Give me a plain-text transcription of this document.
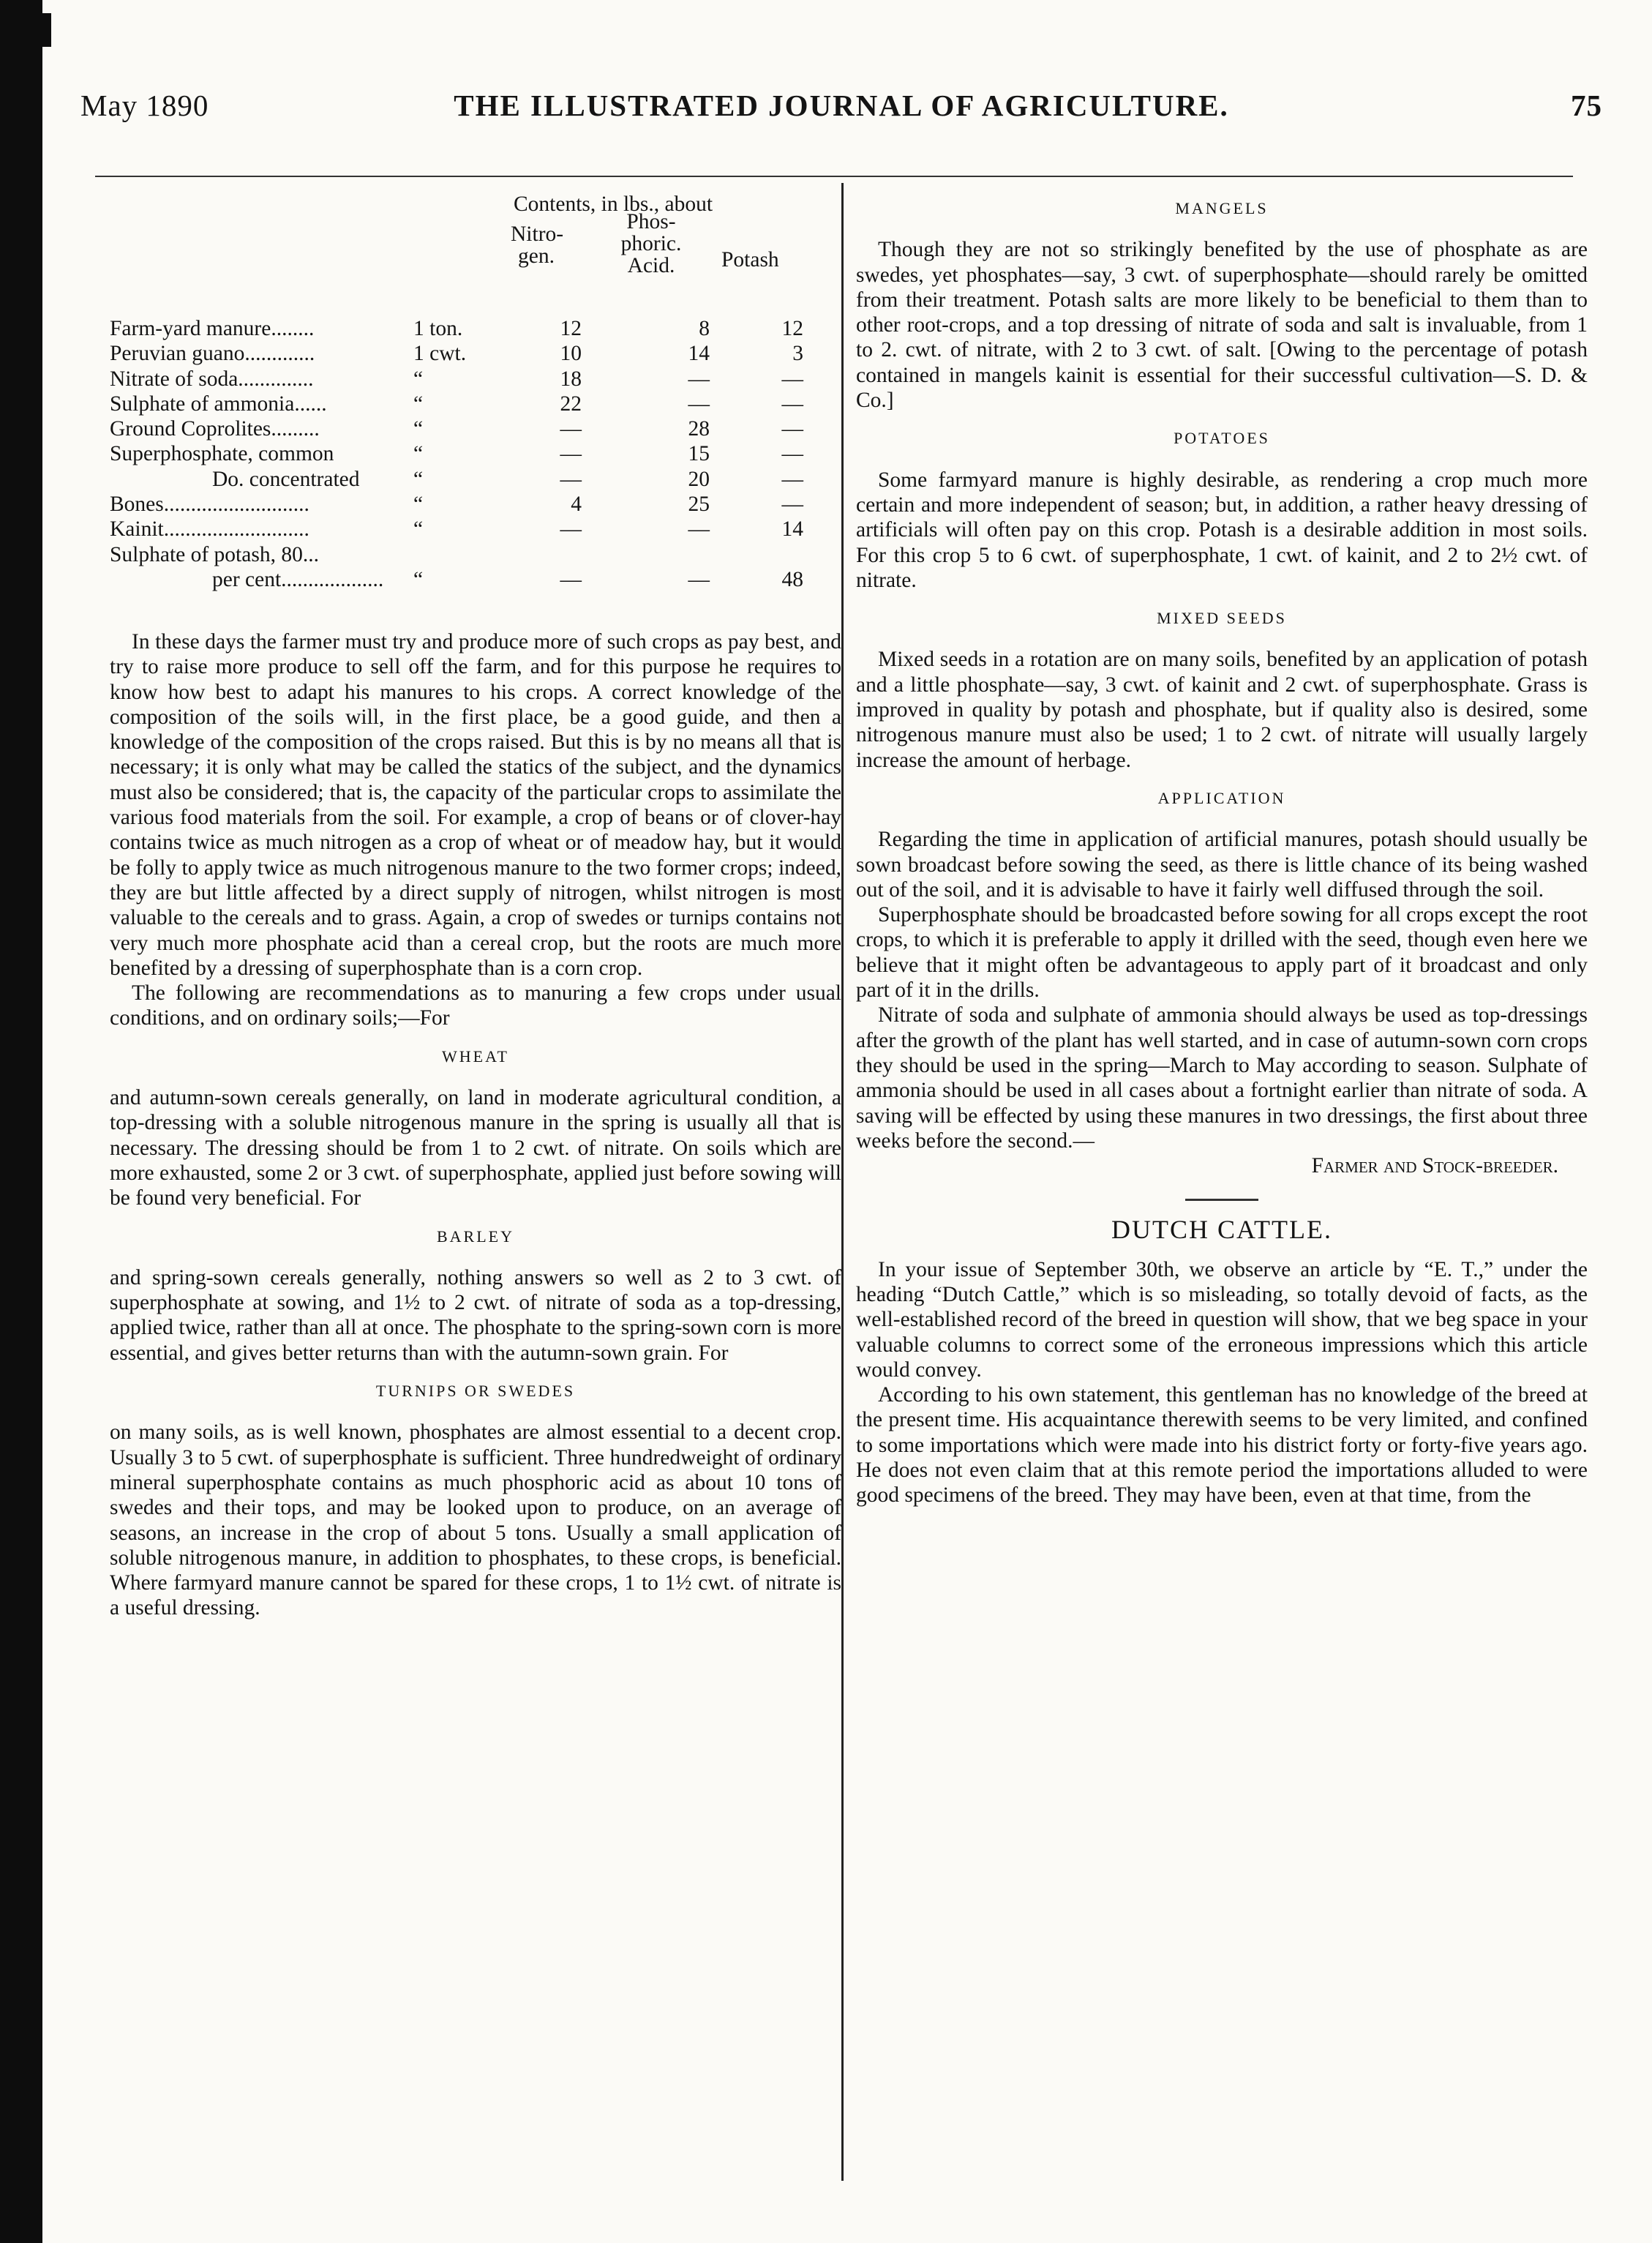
May 1890	THE ILLUSTRATED JOURNAL OF AGRICULTURE.	75
Contents, in lbs., about
Nitro-
gen.
Phos-
phoric.
Acid.	Potash
Farm-yard manure........	1 ton.	12	8	12
Peruvian guano.............	1 cwt.	10	14	3
Nitrate of soda..............	“	18	—	—
Sulphate of ammonia......	“	22	—	—
Ground Coprolites.........	“	—	28	—
Superphosphate, common	“	—	15	—
Do. concentrated “	—	20	—
Bones...........................	“	4	25	—
Kainit...........................	“	—	—	14
Sulphate of potash, 80...
per cent................... “	—	—	48

In these days the farmer must try and produce more of such crops as pay best, and try to raise more produce to sell off the farm, and for this purpose he requires to know how best to adapt his manures to his crops. A correct knowledge of the composition of the soils will, in the first place, be a good guide, and then a knowledge of the composition of the crops raised. But this is by no means all that is necessary; it is only what may be called the statics of the subject, and the dynamics must also be considered; that is, the capacity of the particular crops to assimilate the various food materials from the soil. For example, a crop of beans or of clover-hay contains twice as much nitrogen as a crop of wheat or of meadow hay, but it would be folly to apply twice as much nitrogenous manure to the two former crops; indeed, they are but little affected by a direct supply of nitrogen, whilst nitrogen is most valuable to the cereals and to grass. Again, a crop of swedes or turnips contains not very much more phosphate acid than a cereal crop, but the roots are much more benefited by a dressing of superphosphate than is a corn crop.

The following are recommendations as to manuring a few crops under usual conditions, and on ordinary soils;—For

WHEAT

and autumn-sown cereals generally, on land in moderate agricultural condition, a top-dressing with a soluble nitrogenous manure in the spring is usually all that is necessary. The dressing should be from 1 to 2 cwt. of nitrate. On soils which are more exhausted, some 2 or 3 cwt. of superphosphate, applied just before sowing will be found very beneficial. For

BARLEY

and spring-sown cereals generally, nothing answers so well as 2 to 3 cwt. of superphosphate at sowing, and 1½ to 2 cwt. of nitrate of soda as a top-dressing, applied twice, rather than all at once. The phosphate to the spring-sown corn is more essential, and gives better returns than with the autumn-sown grain. For

TURNIPS OR SWEDES

on many soils, as is well known, phosphates are almost essential to a decent crop. Usually 3 to 5 cwt. of superphosphate is sufficient. Three hundredweight of ordinary mineral superphosphate contains as much phosphoric acid as about 10 tons of swedes and their tops, and may be looked upon to produce, on an average of seasons, an increase in the crop of about 5 tons. Usually a small application of soluble nitrogenous manure, in addition to phosphates, to these crops, is beneficial. Where farmyard manure cannot be spared for these crops, 1 to 1½ cwt. of nitrate is a useful dressing.

MANGELS

Though they are not so strikingly benefited by the use of phosphate as are swedes, yet phosphates—say, 3 cwt. of superphosphate—should rarely be omitted from their treatment. Potash salts are more likely to be beneficial to them than to other root-crops, and a top dressing of nitrate of soda and salt is invaluable, from 1 to 2. cwt. of nitrate, with 2 to 3 cwt. of salt. [Owing to the percentage of potash contained in mangels kainit is essential for their successful cultivation—S. D. & Co.]

POTATOES

Some farmyard manure is highly desirable, as rendering a crop much more certain and more independent of season; but, in addition, a rather heavy dressing of artificials will often pay on this crop. Potash is a desirable addition in most soils. For this crop 5 to 6 cwt. of superphosphate, 1 cwt. of kainit, and 2 to 2½ cwt. of nitrate.

MIXED SEEDS

Mixed seeds in a rotation are on many soils, benefited by an application of potash and a little phosphate—say, 3 cwt. of kainit and 2 cwt. of superphosphate. Grass is improved in quality by potash and phosphate, but if quality also is desired, some nitrogenous manure must also be used; 1 to 2 cwt. of nitrate will usually largely increase the amount of herbage.

APPLICATION

Regarding the time in application of artificial manures, potash should usually be sown broadcast before sowing the seed, as there is little chance of its being washed out of the soil, and it is advisable to have it fairly well diffused through the soil.

Superphosphate should be broadcasted before sowing for all crops except the root crops, to which it is preferable to apply it drilled with the seed, though even here we believe that it might often be advantageous to apply part of it broadcast and only part of it in the drills.

Nitrate of soda and sulphate of ammonia should always be used as top-dressings after the growth of the plant has well started, and in case of autumn-sown corn crops they should be used in the spring—March to May according to season. Sulphate of ammonia should be used in all cases about a fortnight earlier than nitrate of soda. A saving will be effected by using these manures in two dressings, the first about three weeks before the second.—

Farmer and Stock-breeder.
DUTCH CATTLE.

In your issue of September 30th, we observe an article by “E. T.,” under the heading “Dutch Cattle,” which is so misleading, so totally devoid of facts, as the well-established record of the breed in question will show, that we beg space in your valuable columns to correct some of the erroneous impressions which this article would convey.

According to his own statement, this gentleman has no knowledge of the breed at the present time. His acquaintance therewith seems to be very limited, and confined to some importations which were made into his district forty or forty-five years ago. He does not even claim that at this remote period the importations alluded to were good specimens of the breed. They may have been, even at that time, from the
